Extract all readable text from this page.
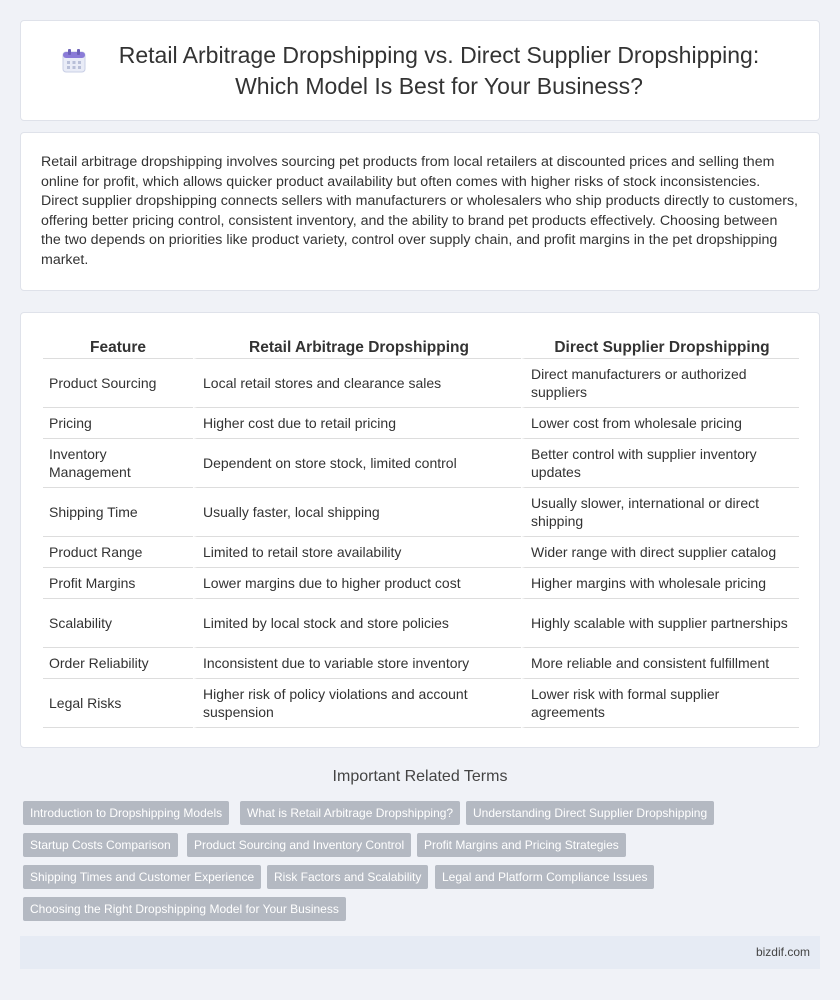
Retail Arbitrage Dropshipping vs. Direct Supplier Dropshipping: Which Model Is Best for Your Business?

Retail arbitrage dropshipping involves sourcing pet products from local retailers at discounted prices and selling them online for profit, which allows quicker product availability but often comes with higher risks of stock inconsistencies. Direct supplier dropshipping connects sellers with manufacturers or wholesalers who ship products directly to customers, offering better pricing control, consistent inventory, and the ability to brand pet products effectively. Choosing between the two depends on priorities like product variety, control over supply chain, and profit margins in the pet dropshipping market.

Feature	Retail Arbitrage Dropshipping	Direct Supplier Dropshipping
Product Sourcing	Local retail stores and clearance sales	Direct manufacturers or authorized suppliers
Pricing	Higher cost due to retail pricing	Lower cost from wholesale pricing
Inventory Management	Dependent on store stock, limited control	Better control with supplier inventory updates
Shipping Time	Usually faster, local shipping	Usually slower, international or direct shipping
Product Range	Limited to retail store availability	Wider range with direct supplier catalog
Profit Margins	Lower margins due to higher product cost	Higher margins with wholesale pricing
Scalability	Limited by local stock and store policies	Highly scalable with supplier partnerships
Order Reliability	Inconsistent due to variable store inventory	More reliable and consistent fulfillment
Legal Risks	Higher risk of policy violations and account suspension	Lower risk with formal supplier agreements
Important Related Terms
Introduction to Dropshipping Models	What is Retail Arbitrage Dropshipping?	Understanding Direct Supplier Dropshipping
Startup Costs Comparison	Product Sourcing and Inventory Control	Profit Margins and Pricing Strategies
Shipping Times and Customer Experience	Risk Factors and Scalability	Legal and Platform Compliance Issues
Choosing the Right Dropshipping Model for Your Business
bizdif.com
